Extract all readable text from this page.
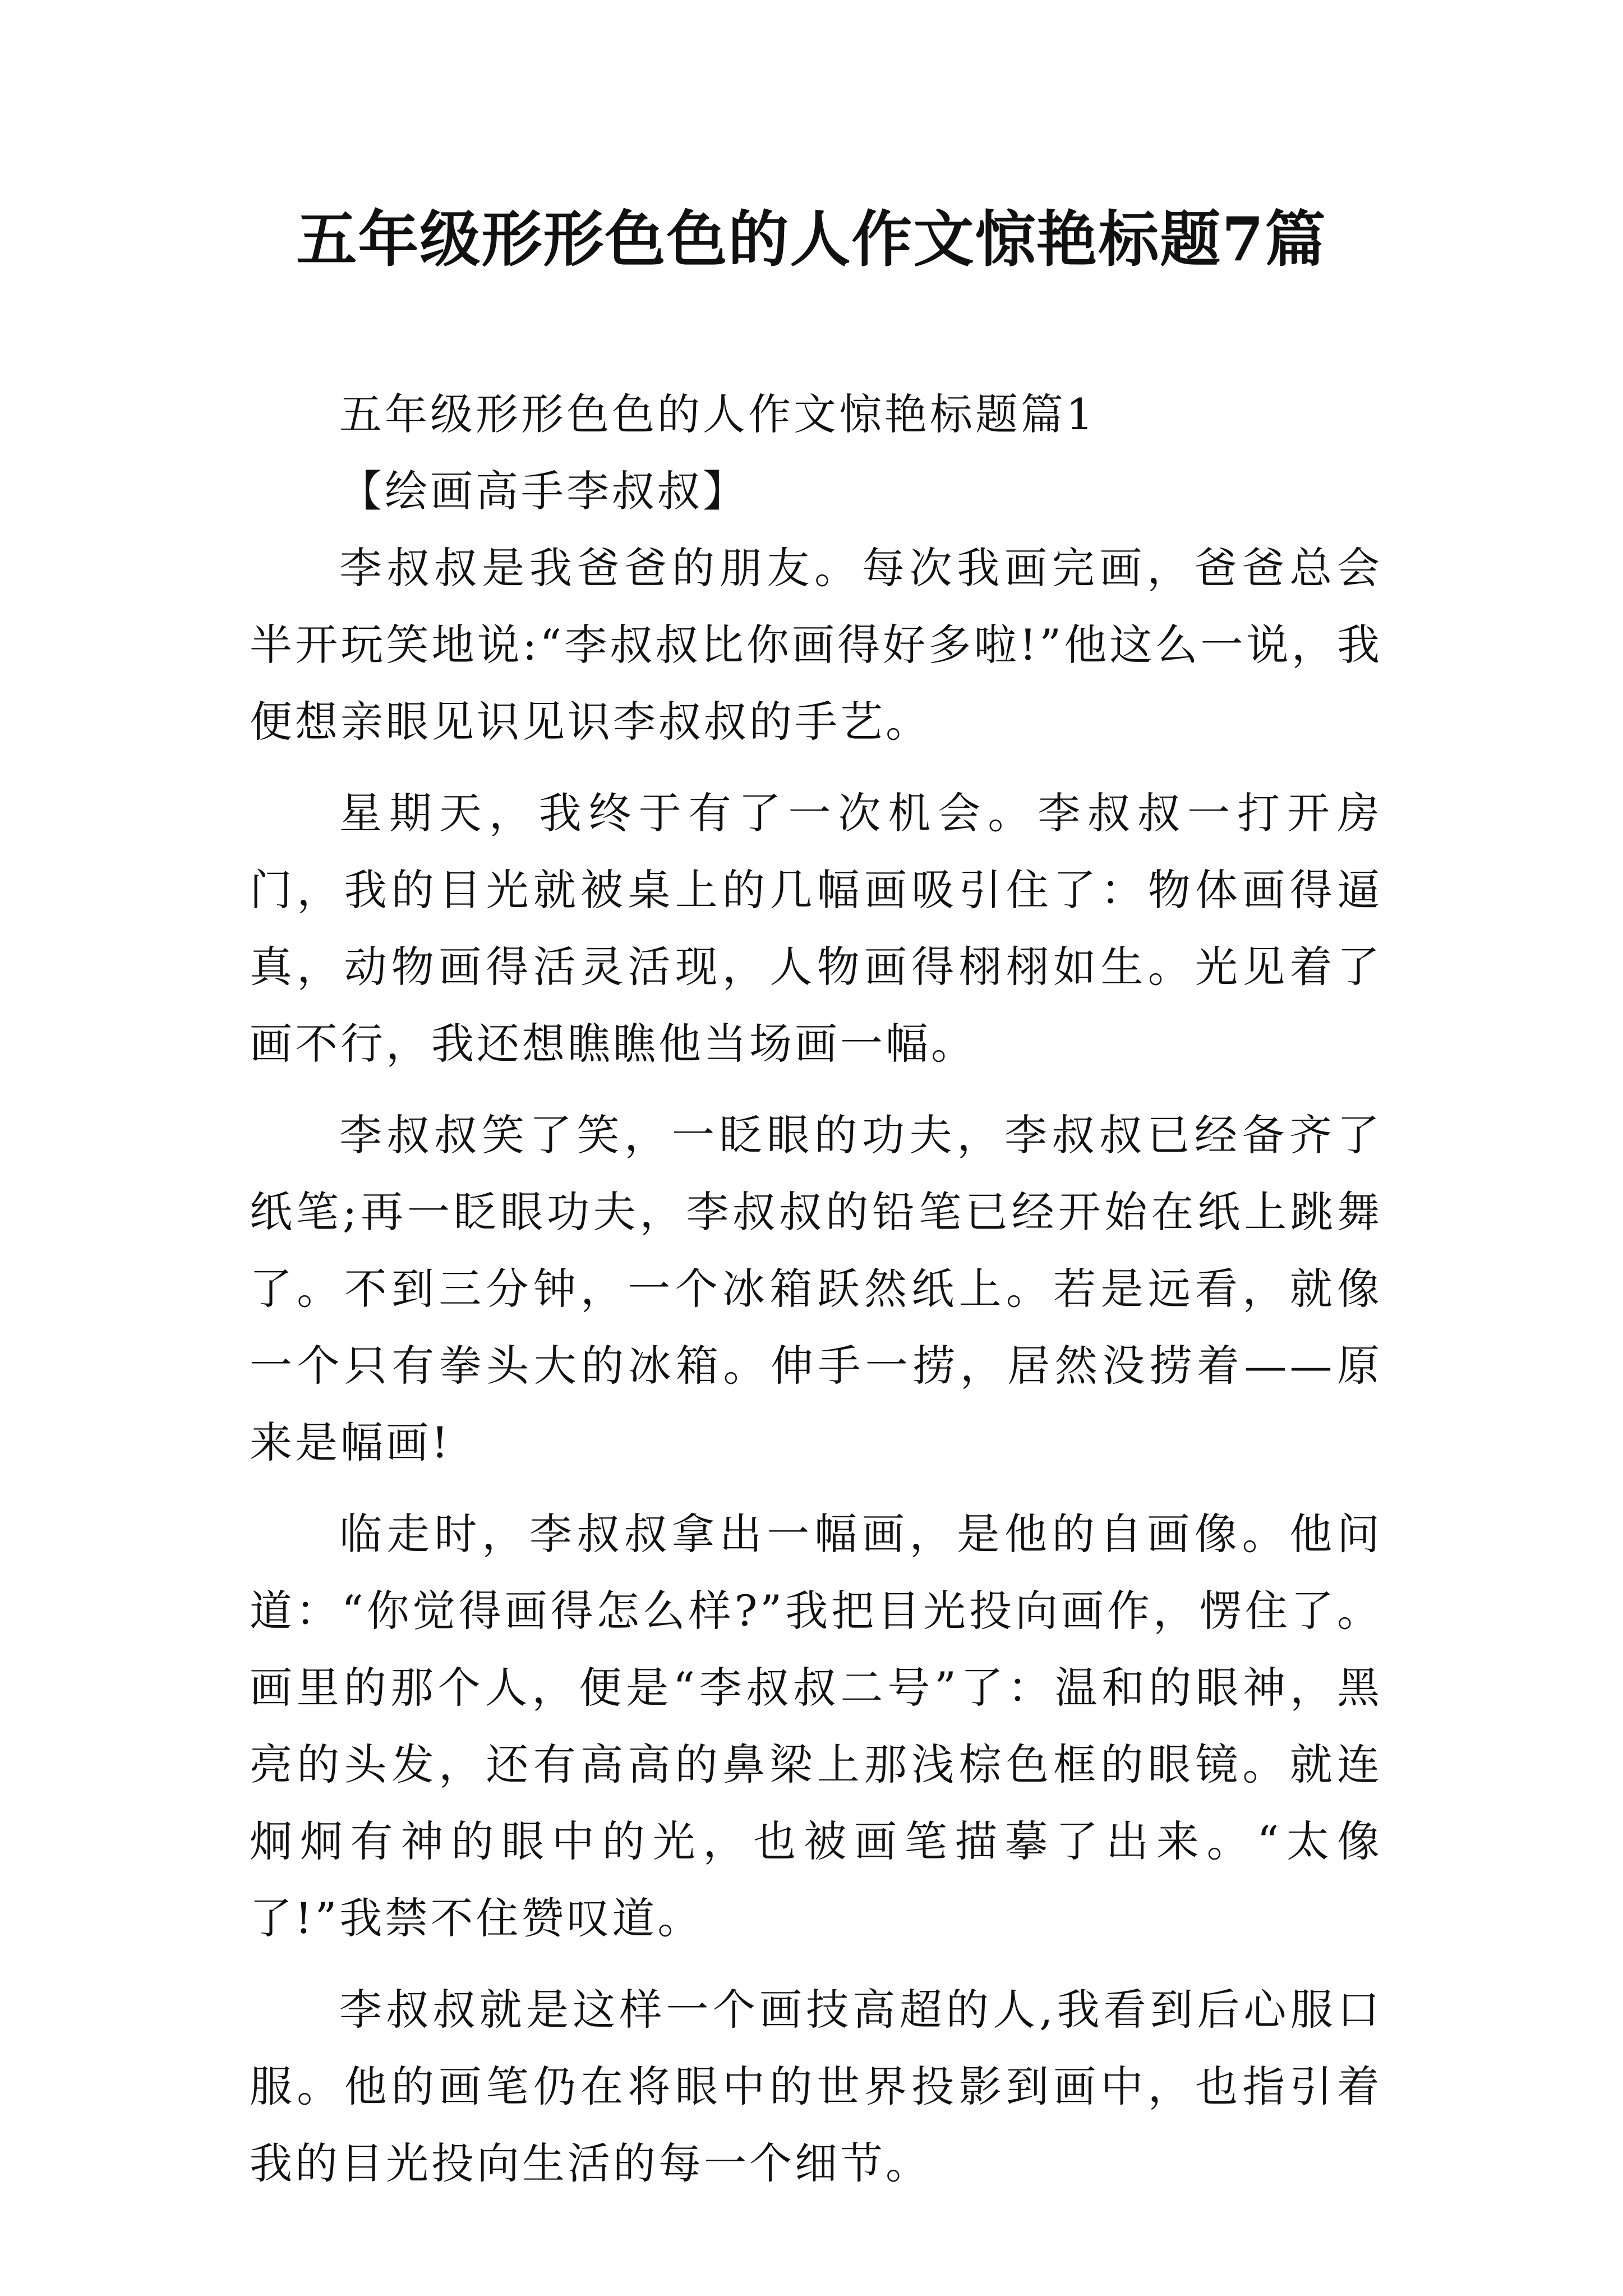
五年级形形色色的人作文惊艳标题7篇

五年级形形色色的人作文惊艳标题篇1

【绘画高手李叔叔】

李叔叔是我爸爸的朋友。每次我画完画，爸爸总会半开玩笑地说:“李叔叔比你画得好多啦!”他这么一说，我便想亲眼见识见识李叔叔的手艺。

星期天，我终于有了一次机会。李叔叔一打开房门，我的目光就被桌上的几幅画吸引住了：物体画得逼真，动物画得活灵活现，人物画得栩栩如生。光见着了画不行，我还想瞧瞧他当场画一幅。

李叔叔笑了笑，一眨眼的功夫，李叔叔已经备齐了纸笔;再一眨眼功夫，李叔叔的铅笔已经开始在纸上跳舞了。不到三分钟，一个冰箱跃然纸上。若是远看，就像一个只有拳头大的冰箱。伸手一捞，居然没捞着——原来是幅画!

临走时，李叔叔拿出一幅画，是他的自画像。他问道：“你觉得画得怎么样?”我把目光投向画作，愣住了。画里的那个人，便是“李叔叔二号”了：温和的眼神，黑亮的头发，还有高高的鼻梁上那浅棕色框的眼镜。就连炯炯有神的眼中的光，也被画笔描摹了出来。“太像了!”我禁不住赞叹道。

李叔叔就是这样一个画技高超的人,我看到后心服口服。他的画笔仍在将眼中的世界投影到画中，也指引着我的目光投向生活的每一个细节。
